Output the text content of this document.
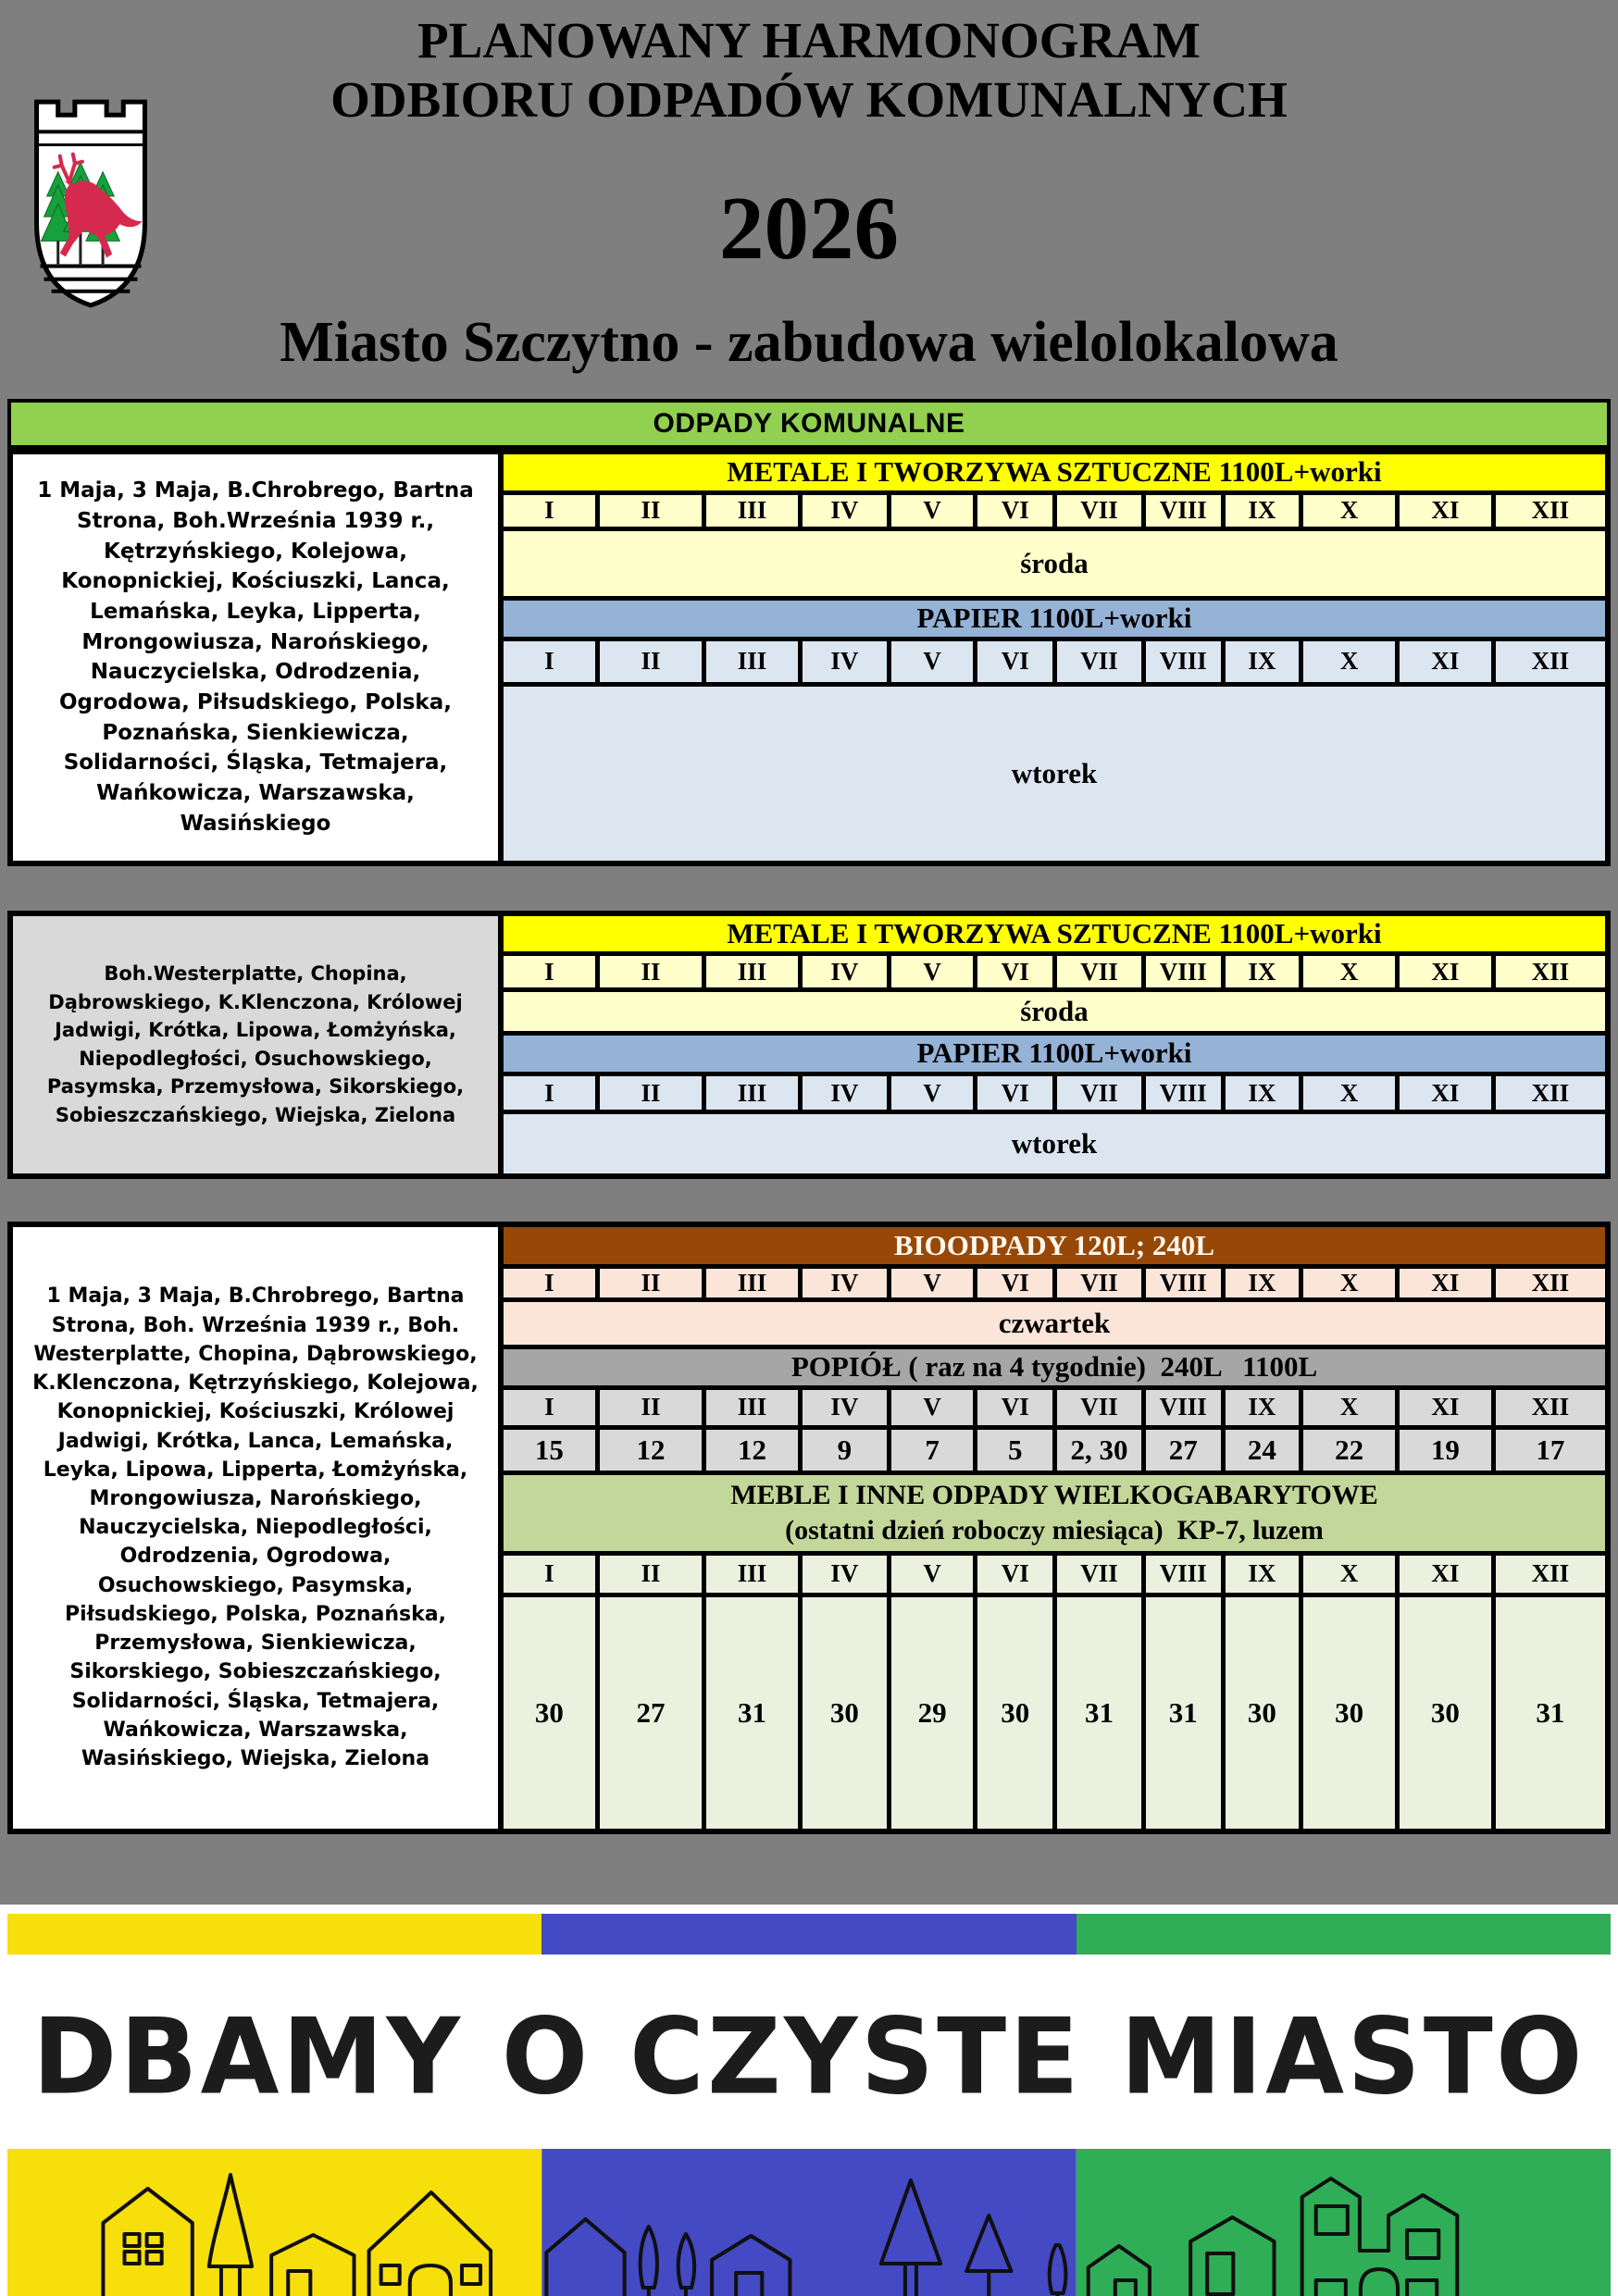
PLANOWANY HARMONOGRAM
ODBIORU ODPADÓW KOMUNALNYCH
2026
Miasto Szczytno - zabudowa wielolokalowa
ODPADY KOMUNALNE
1 Maja, 3 Maja, B.Chrobrego, Bartna Strona, Boh.Września 1939 r., Kętrzyńskiego, Kolejowa, Konopnickiej, Kościuszki, Lanca, Lemańska, Leyka, Lipperta, Mrongowiusza, Narońskiego, Nauczycielska, Odrodzenia, Ogrodowa, Piłsudskiego, Polska, Poznańska, Sienkiewicza, Solidarności, Śląska, Tetmajera, Wańkowicza, Warszawska, Wasińskiego
METALE I TWORZYWA SZTUCZNE 1100L+worki
I	II	III	IV	V	VI	VII	VIII	IX	X	XI	XII
środa
PAPIER 1100L+worki
I	II	III	IV	V	VI	VII	VIII	IX	X	XI	XII
wtorek
Boh.Westerplatte, Chopina, Dąbrowskiego, K.Klenczona, Królowej Jadwigi, Krótka, Lipowa, Łomżyńska, Niepodległości, Osuchowskiego, Pasymska, Przemysłowa, Sikorskiego, Sobieszczańskiego, Wiejska, Zielona
METALE I TWORZYWA SZTUCZNE 1100L+worki
I	II	III	IV	V	VI	VII	VIII	IX	X	XI	XII
środa
PAPIER 1100L+worki
I	II	III	IV	V	VI	VII	VIII	IX	X	XI	XII
wtorek
1 Maja, 3 Maja, B.Chrobrego, Bartna Strona, Boh. Września 1939 r., Boh. Westerplatte, Chopina, Dąbrowskiego, K.Klenczona, Kętrzyńskiego, Kolejowa, Konopnickiej, Kościuszki, Królowej Jadwigi, Krótka, Lanca, Lemańska, Leyka, Lipowa, Lipperta, Łomżyńska, Mrongowiusza, Narońskiego, Nauczycielska, Niepodległości, Odrodzenia, Ogrodowa, Osuchowskiego, Pasymska, Piłsudskiego, Polska, Poznańska, Przemysłowa, Sienkiewicza, Sikorskiego, Sobieszczańskiego, Solidarności, Śląska, Tetmajera, Wańkowicza, Warszawska, Wasińskiego, Wiejska, Zielona
BIOODPADY 120L; 240L
I	II	III	IV	V	VI	VII	VIII	IX	X	XI	XII
czwartek
POPIÓŁ ( raz na 4 tygodnie)  240L   1100L
I	II	III	IV	V	VI	VII	VIII	IX	X	XI	XII
15	12	12	9	7	5	2, 30	27	24	22	19	17
MEBLE I INNE ODPADY WIELKOGABARYTOWE
(ostatni dzień roboczy miesiąca)  KP-7, luzem
I	II	III	IV	V	VI	VII	VIII	IX	X	XI	XII
30	27	31	30	29	30	31	31	30	30	30	31
DBAMY O CZYSTE MIASTO
